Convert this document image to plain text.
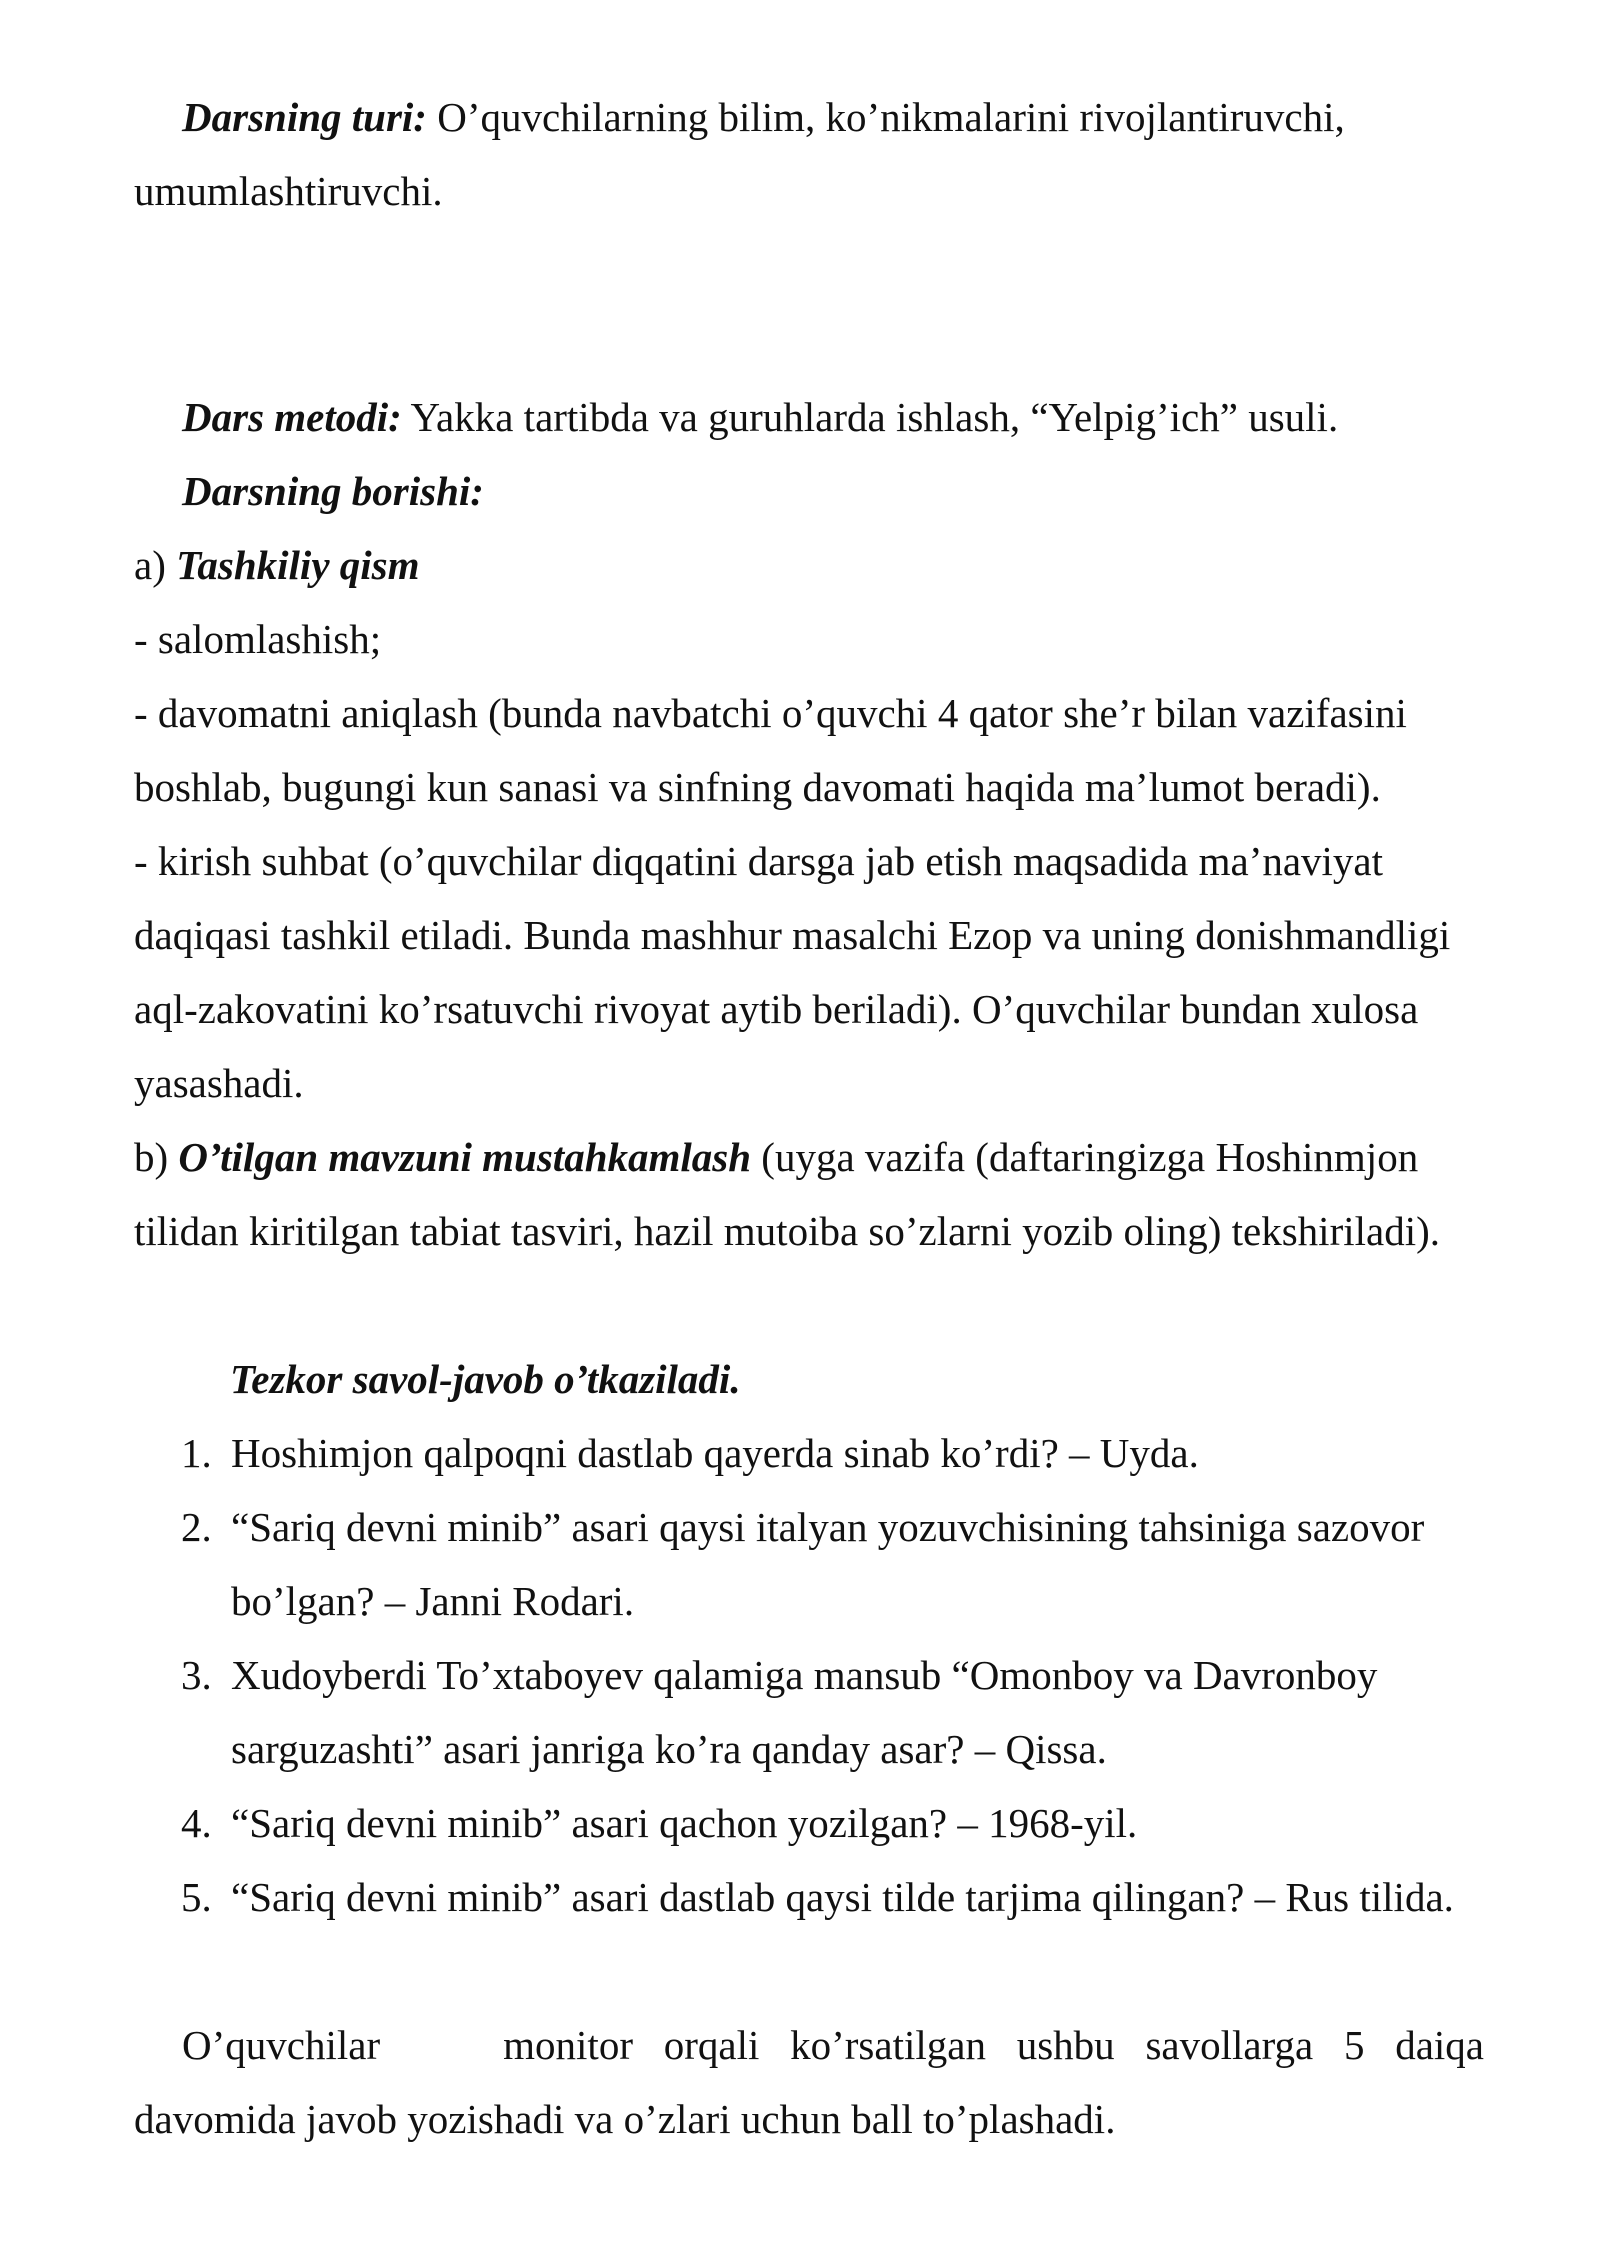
Darsning turi: O’quvchilarning bilim, ko’nikmalarini rivojlantiruvchi, umumlashtiruvchi.

Dars metodi: Yakka tartibda va guruhlarda ishlash, “Yelpig’ich” usuli.

Darsning borishi:

a) Tashkiliy qism

- salomlashish;

- davomatni aniqlash (bunda navbatchi o’quvchi 4 qator she’r bilan vazifasini boshlab, bugungi kun sanasi va sinfning davomati haqida ma’lumot beradi).

- kirish suhbat (o’quvchilar diqqatini darsga jab etish maqsadida ma’naviyat daqiqasi tashkil etiladi. Bunda mashhur masalchi Ezop va uning donishmandligi aql-zakovatini ko’rsatuvchi rivoyat aytib beriladi). O’quvchilar bundan xulosa yasashadi.

b) O’tilgan mavzuni mustahkamlash (uyga vazifa (daftaringizga Hoshinmjon tilidan kiritilgan tabiat tasviri, hazil mutoiba so’zlarni yozib oling) tekshiriladi).

Tezkor savol-javob o’tkaziladi.

1. Hoshimjon qalpoqni dastlab qayerda sinab ko’rdi? – Uyda.
2. “Sariq devni minib” asari qaysi italyan yozuvchisining tahsiniga sazovor bo’lgan? – Janni Rodari.
3. Xudoyberdi To’xtaboyev qalamiga mansub “Omonboy va Davronboy sarguzashti” asari janriga ko’ra qanday asar? – Qissa.
4. “Sariq devni minib” asari qachon yozilgan? – 1968-yil.
5. “Sariq devni minib” asari dastlab qaysi tilde tarjima qilingan? – Rus tilida.

O’quvchilar    monitor orqali ko’rsatilgan ushbu savollarga 5 daiqa

davomida javob yozishadi va o’zlari uchun ball to’plashadi.
